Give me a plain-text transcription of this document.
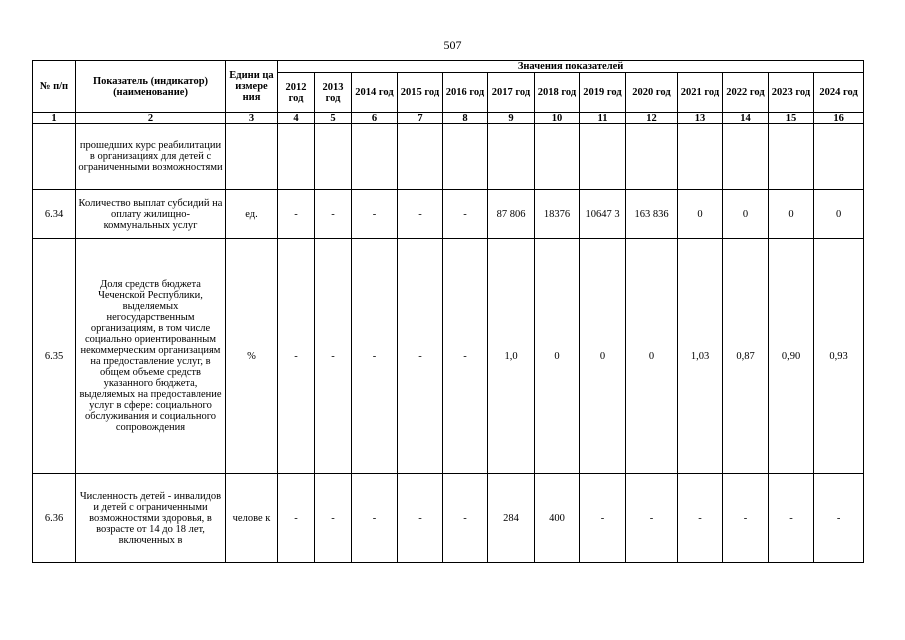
507
№ п/п	Показатель (индикатор) (наименование)	Едини ца измере ния	Значения показателей												
			2012 год	2013 год	2014 год	2015 год	2016 год	2017 год	2018 год	2019 год	2020 год	2021 год	2022 год	2023 год	2024 год
1	2	3	4	5	6	7	8	9	10	11	12	13	14	15	16
	прошедших курс реабилитации в организациях для детей с ограниченными возможностями														
6.34	Количество выплат субсидий на оплату жилищно-коммунальных услуг	ед.	-	-	-	-	-	87 806	18376	10647 3	163 836	0	0	0	0
6.35	Доля средств бюджета Чеченской Республики, выделяемых негосударственным организациям, в том числе социально ориентированным некоммерческим организациям на предоставление услуг, в общем объеме средств указанного бюджета, выделяемых на предоставление услуг в сфере: социального обслуживания и социального сопровождения	%	-	-	-	-	-	1,0	0	0	0	1,03	0,87	0,90	0,93
6.36	Численность детей - инвалидов и детей с ограниченными возможностями здоровья, в возрасте от 14 до 18 лет, включенных в	челове к	-	-	-	-	-	284	400	-	-	-	-	-	-
